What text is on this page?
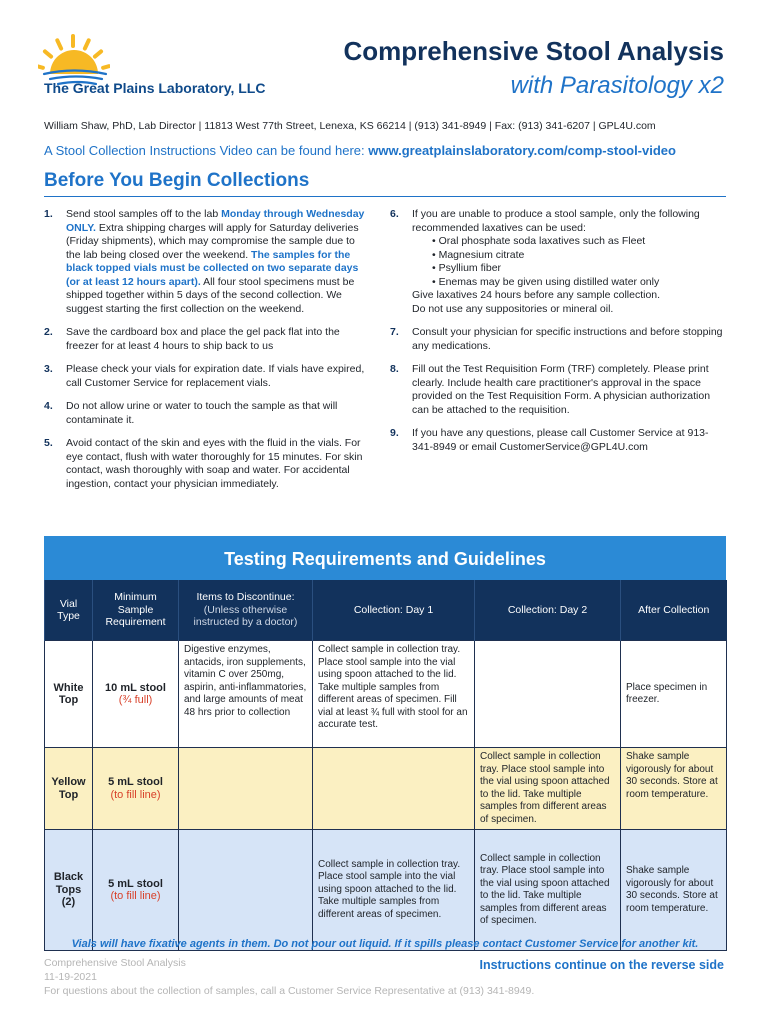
The Great Plains Laboratory, LLC
Comprehensive Stool Analysis
with Parasitology x2
William Shaw, PhD, Lab Director | 11813 West 77th Street, Lenexa, KS 66214 | (913) 341-8949 | Fax: (913) 341-6207 | GPL4U.com
A Stool Collection Instructions Video can be found here: www.greatplainslaboratory.com/comp-stool-video
Before You Begin Collections
1.	Send stool samples off to the lab Monday through Wednesday ONLY. Extra shipping charges will apply for Saturday deliveries (Friday shipments), which may compromise the sample due to the lab being closed over the weekend. The samples for the black topped vials must be collected on two separate days (or at least 12 hours apart). All four stool specimens must be shipped together within 5 days of the second collection. We suggest starting the first collection on the weekend.
2.	Save the cardboard box and place the gel pack flat into the freezer for at least 4 hours to ship back to us
3.	Please check your vials for expiration date. If vials have expired, call Customer Service for replacement vials.
4.	Do not allow urine or water to touch the sample as that will contaminate it.
5.	Avoid contact of the skin and eyes with the fluid in the vials. For eye contact, flush with water thoroughly for 15 minutes. For skin contact, wash thoroughly with soap and water. For accidental ingestion, contact your physician immediately.
6.	If you are unable to produce a stool sample, only the following recommended laxatives can be used:
• Oral phosphate soda laxatives such as Fleet
• Magnesium citrate
• Psyllium fiber
• Enemas may be given using distilled water only
Give laxatives 24 hours before any sample collection.
Do not use any suppositories or mineral oil.
7.	Consult your physician for specific instructions and before stopping any medications.
8.	Fill out the Test Requisition Form (TRF) completely. Please print clearly. Include health care practitioner's approval in the space provided on the Test Requisition Form. A physician authorization can be attached to the requisition.
9.	If you have any questions, please call Customer Service at 913-341-8949 or email CustomerService@GPL4U.com
Testing Requirements and Guidelines
Vial Type	Minimum Sample Requirement	Items to Discontinue:
(Unless otherwise instructed by a doctor)	Collection: Day 1	Collection: Day 2	After Collection
White Top	10 mL stool
(¾ full)	Digestive enzymes, antacids, iron supplements, vitamin C over 250mg, aspirin, anti-inflammatories, and large amounts of meat 48 hrs prior to collection	Collect sample in collection tray. Place stool sample into the vial using spoon attached to the lid. Take multiple samples from different areas of specimen. Fill vial at least ¾ full with stool for an accurate test.		Place specimen in freezer.
Yellow Top	5 mL stool
(to fill line)			Collect sample in collection tray. Place stool sample into the vial using spoon attached to the lid. Take multiple samples from different areas of specimen.	Shake sample vigorously for about 30 seconds. Store at room temperature.
Black Tops (2)	5 mL stool
(to fill line)		Collect sample in collection tray. Place stool sample into the vial using spoon attached to the lid. Take multiple samples from different areas of specimen.	Collect sample in collection tray. Place stool sample into the vial using spoon attached to the lid. Take multiple samples from different areas of specimen.	Shake sample vigorously for about 30 seconds. Store at room temperature.
Vials will have fixative agents in them. Do not pour out liquid. If it spills please contact Customer Service for another kit.
Comprehensive Stool Analysis
11-19-2021
For questions about the collection of samples, call a Customer Service Representative at (913) 341-8949.
Instructions continue on the reverse side
